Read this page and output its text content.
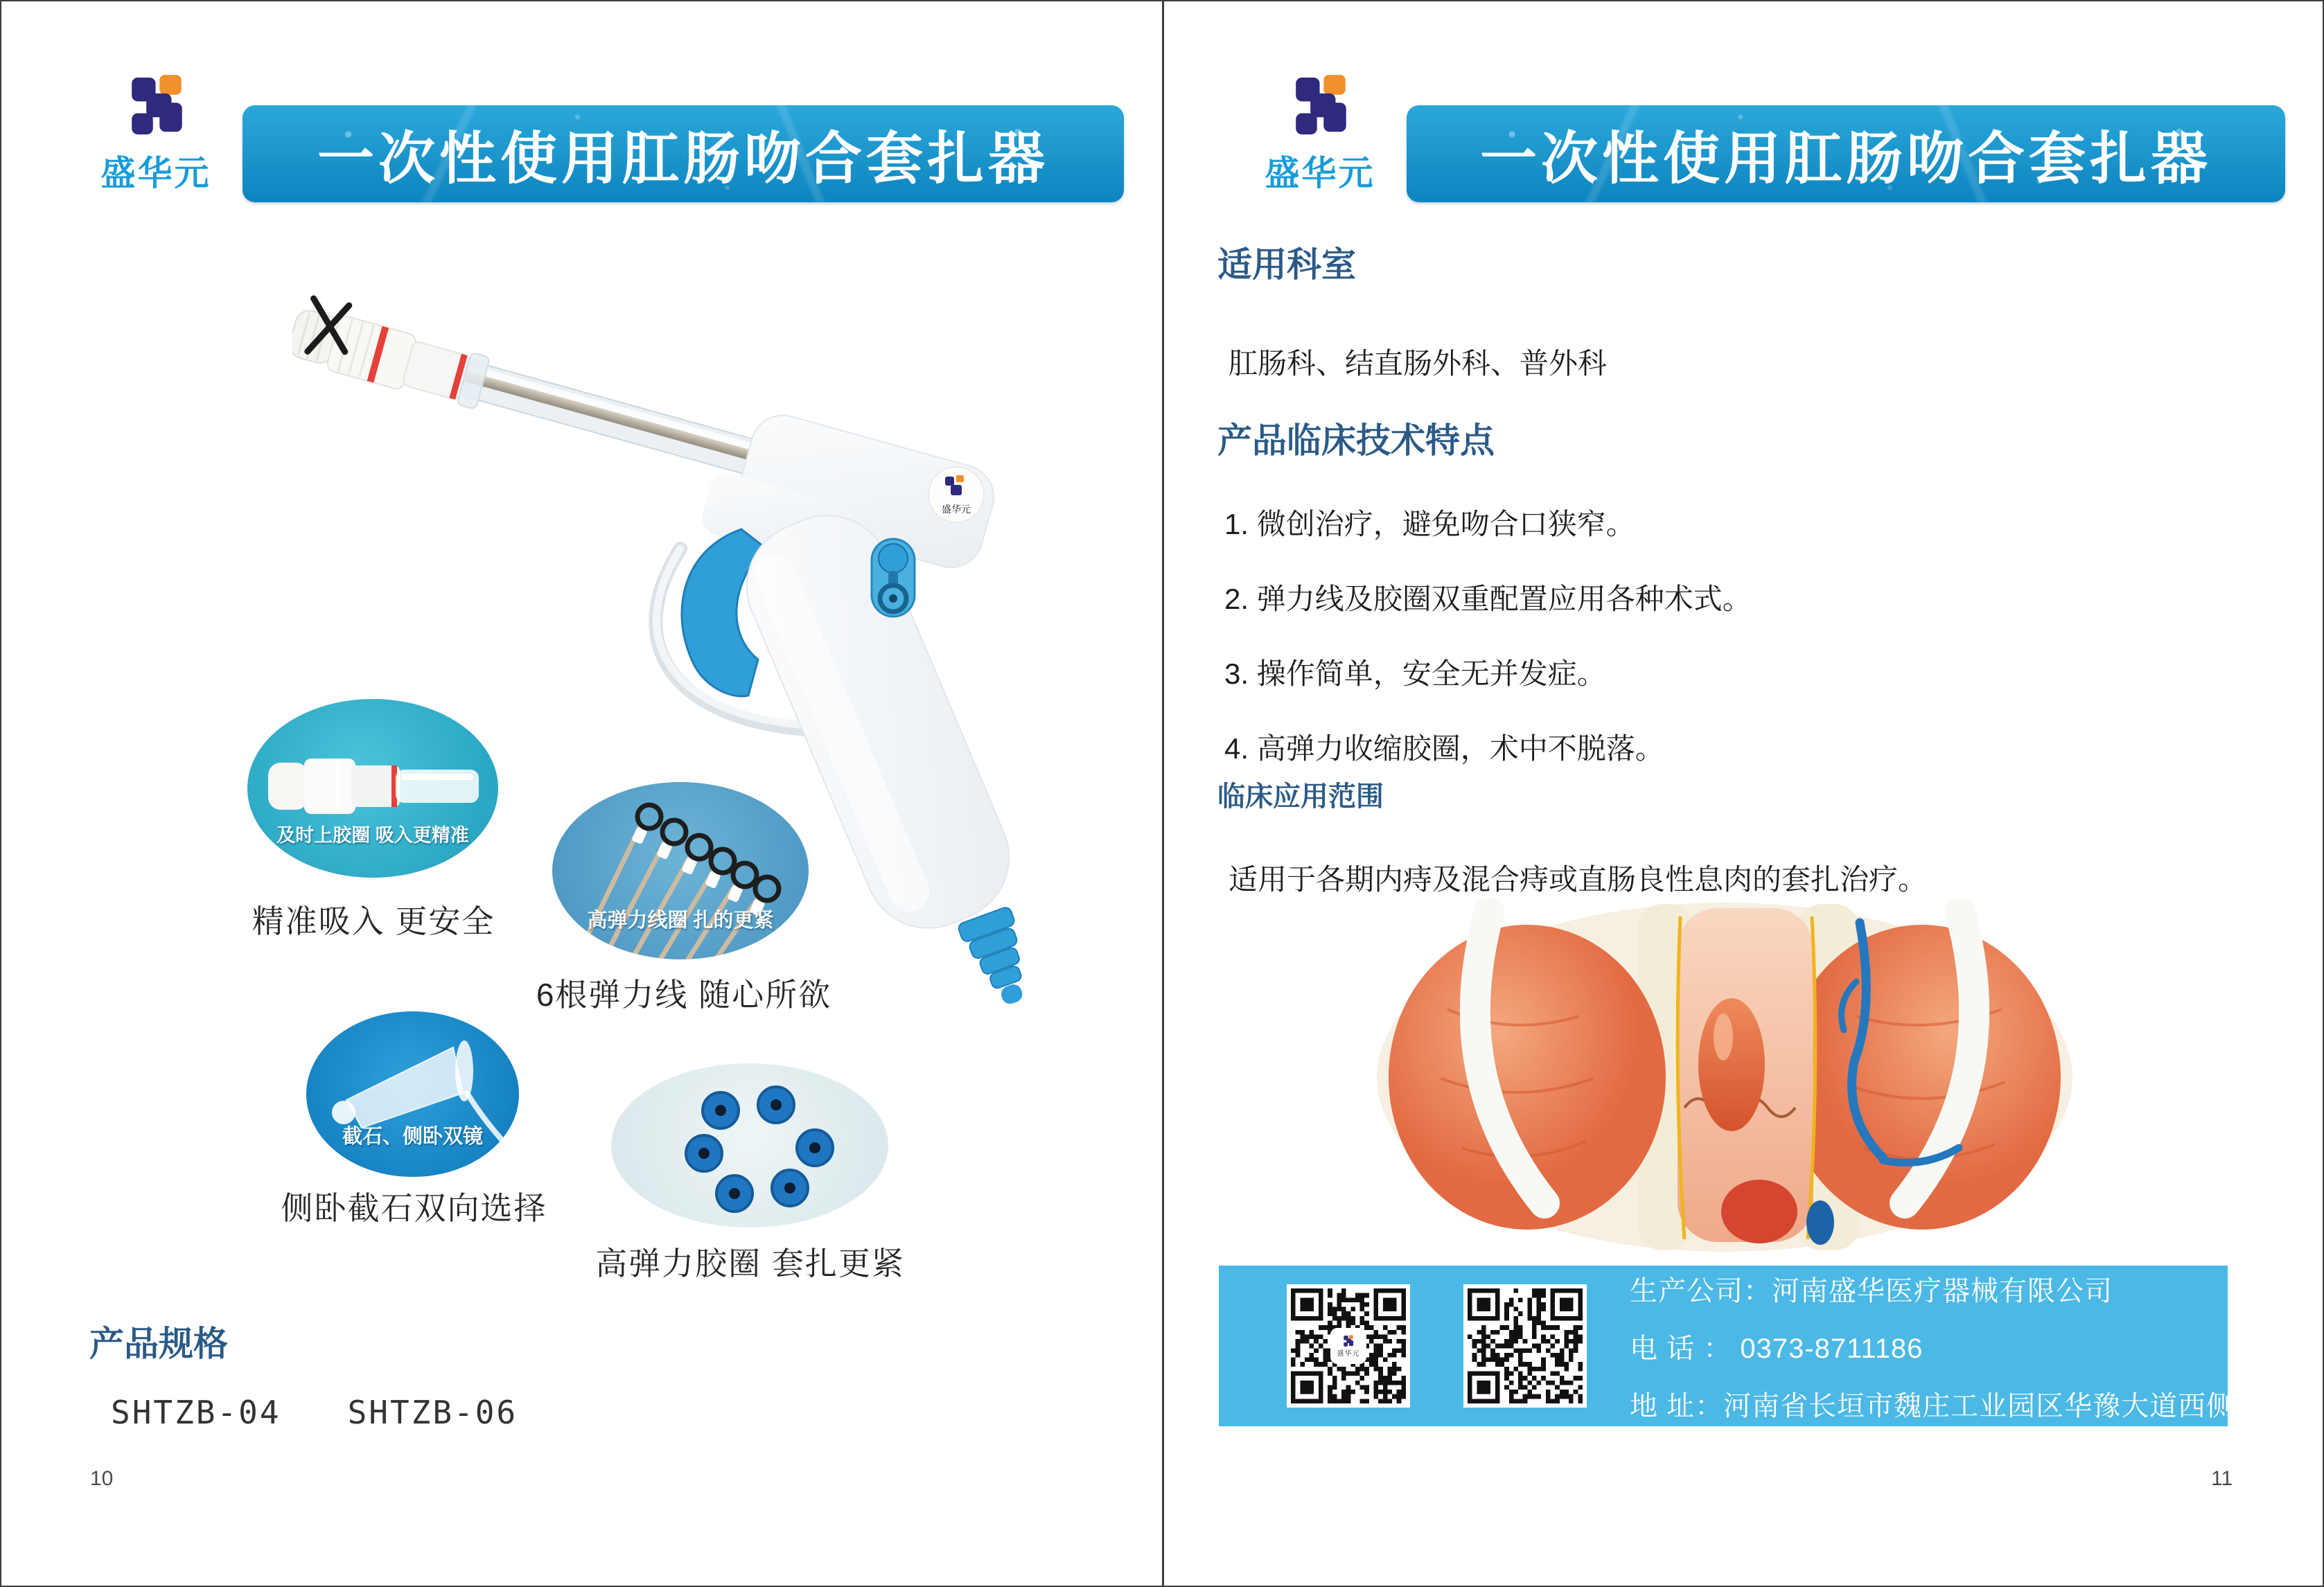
盛华元 一次性使用肛肠吻合套扎器
盛华元
及时上胶圈 吸入更精准
精准吸入 更安全	高弹力线圈 扎的更紧
6根弹力线 随心所欲
截石、侧卧双镜
侧卧截石双向选择
高弹力胶圈 套扎更紧
产品规格
SHTZB-04 SHTZB-06
10
盛华元 一次性使用肛肠吻合套扎器
适用科室
肛肠科、结直肠外科、普外科
产品临床技术特点
1. 微创治疗，避免吻合口狭窄。
2. 弹力线及胶圈双重配置应用各种术式。
3. 操作简单，安全无并发症。
4. 高弹力收缩胶圈，术中不脱落。
临床应用范围
适用于各期内痔及混合痔或直肠良性息肉的套扎治疗。
盛华元
生产公司：河南盛华医疗器械有限公司
电 话 ： 0373-8711186
地 址：河南省长垣市魏庄工业园区华豫大道西侧
11
